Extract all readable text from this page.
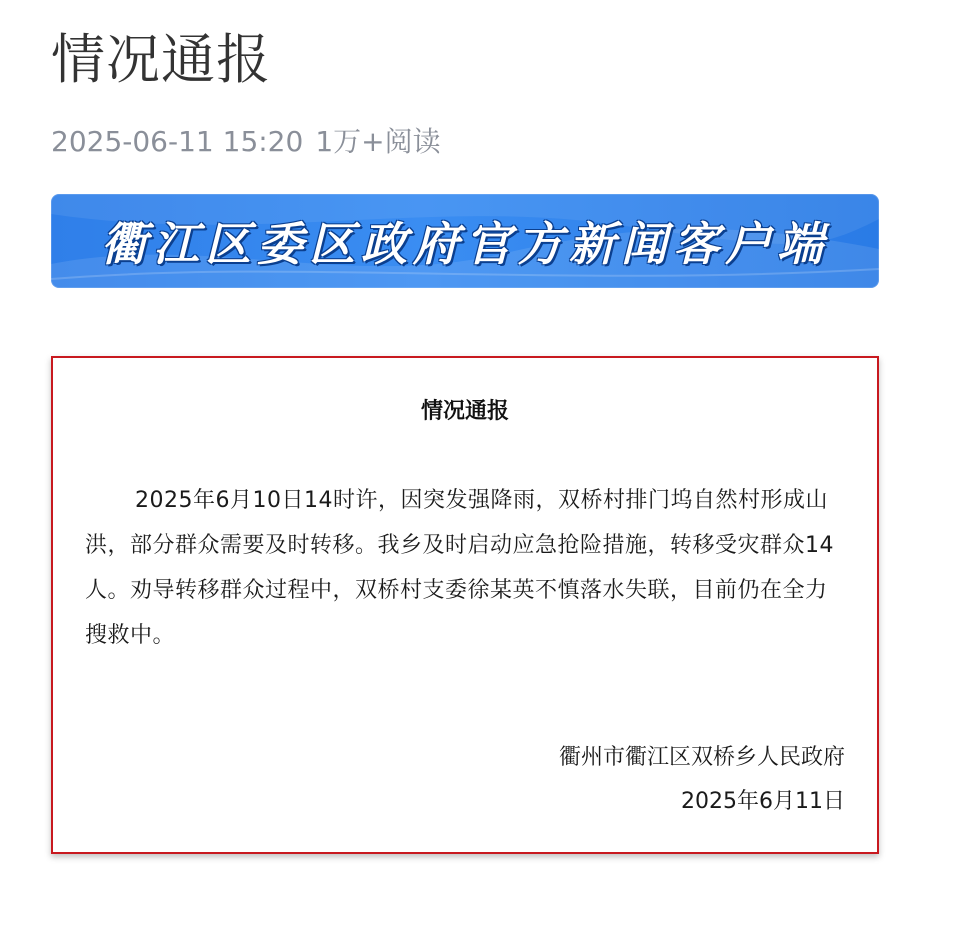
情况通报
2025-06-11 15:20 1万+阅读
衢江区委区政府官方新闻客户端
情况通报

2025年6月10日14时许，因突发强降雨，双桥村排门坞自然村形成山洪，部分群众需要及时转移。我乡及时启动应急抢险措施，转移受灾群众14人。劝导转移群众过程中，双桥村支委徐某英不慎落水失联，目前仍在全力搜救中。

衢州市衢江区双桥乡人民政府
2025年6月11日
